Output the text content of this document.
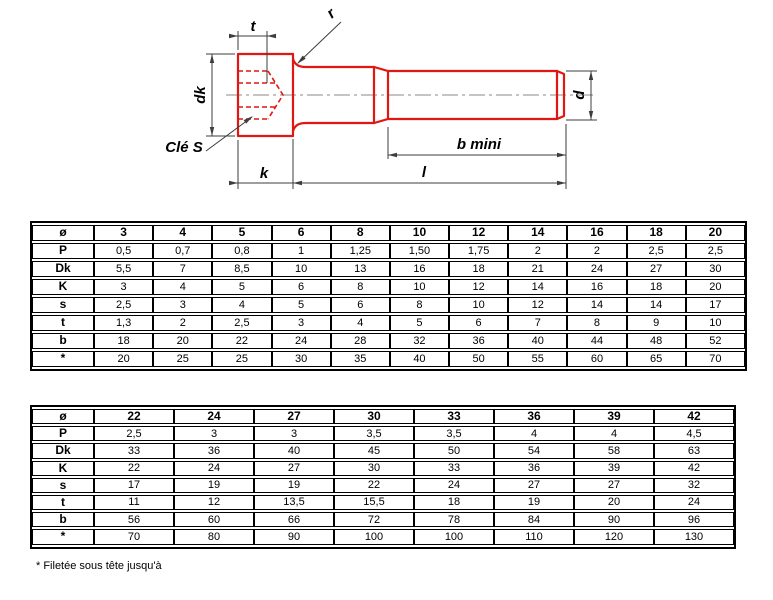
t
r
dk
Clé S
k	l
b mini
d
ø	3	4	5	6	8	10	12	14	16	18	20
P	0,5	0,7	0,8	1	1,25	1,50	1,75	2	2	2,5	2,5
Dk	5,5	7	8,5	10	13	16	18	21	24	27	30
K	3	4	5	6	8	10	12	14	16	18	20
s	2,5	3	4	5	6	8	10	12	14	14	17
t	1,3	2	2,5	3	4	5	6	7	8	9	10
b	18	20	22	24	28	32	36	40	44	48	52
*	20	25	25	30	35	40	50	55	60	65	70
ø	22	24	27	30	33	36	39	42
P	2,5	3	3	3,5	3,5	4	4	4,5
Dk	33	36	40	45	50	54	58	63
K	22	24	27	30	33	36	39	42
s	17	19	19	22	24	27	27	32
t	11	12	13,5	15,5	18	19	20	24
b	56	60	66	72	78	84	90	96
*	70	80	90	100	100	110	120	130
* Filetée sous tête jusqu'à
